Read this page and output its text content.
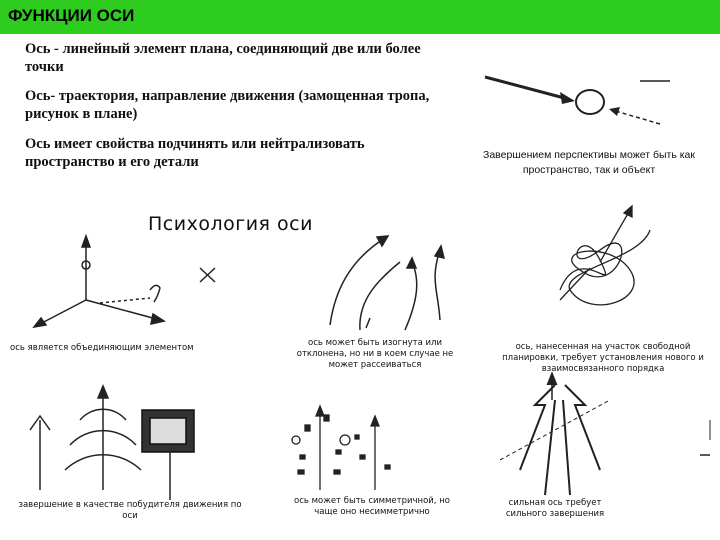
ФУНКЦИИ ОСИ
Ось - линейный элемент плана, соединяющий две или более точки
Ось- траектория, направление движения (замощенная тропа, рисунок в плане)
Ось имеет свойства подчинять или нейтрализовать пространство и его детали	Завершением перспективы может быть как пространство, так и объект
Психология оси
ось является объединяющим элементом	ось может быть изогнута или отклонена, но ни в коем случае не может рассеиваться
ось, нанесенная на участок свободной планировки, требует установления нового и взаимосвязанного порядка
завершение в качестве побудителя движения по оси
ось может быть симметричной, но чаще оно несимметрично
сильная ось требует сильного завершения
